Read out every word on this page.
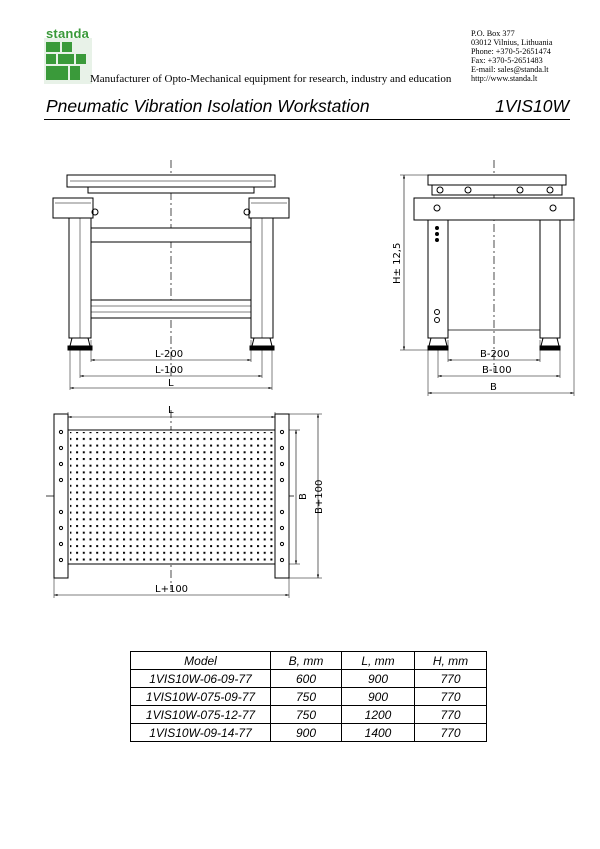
standa
Manufacturer of Opto-Mechanical equipment for research, industry and education
P.O. Box 377
03012 Vilnius, Lithuania
Phone: +370-5-2651474
Fax: +370-5-2651483
E-mail: sales@standa.lt
http://www.standa.lt
Pneumatic Vibration Isolation Workstation	1VIS10W
L-200
L-100
L
H± 12,5
B-200
B-100
B
L
L+100
B B+100
Model	B, mm	L, mm	H, mm
1VIS10W-06-09-77	600	900	770
1VIS10W-075-09-77	750	900	770
1VIS10W-075-12-77	750	1200	770
1VIS10W-09-14-77	900	1400	770
